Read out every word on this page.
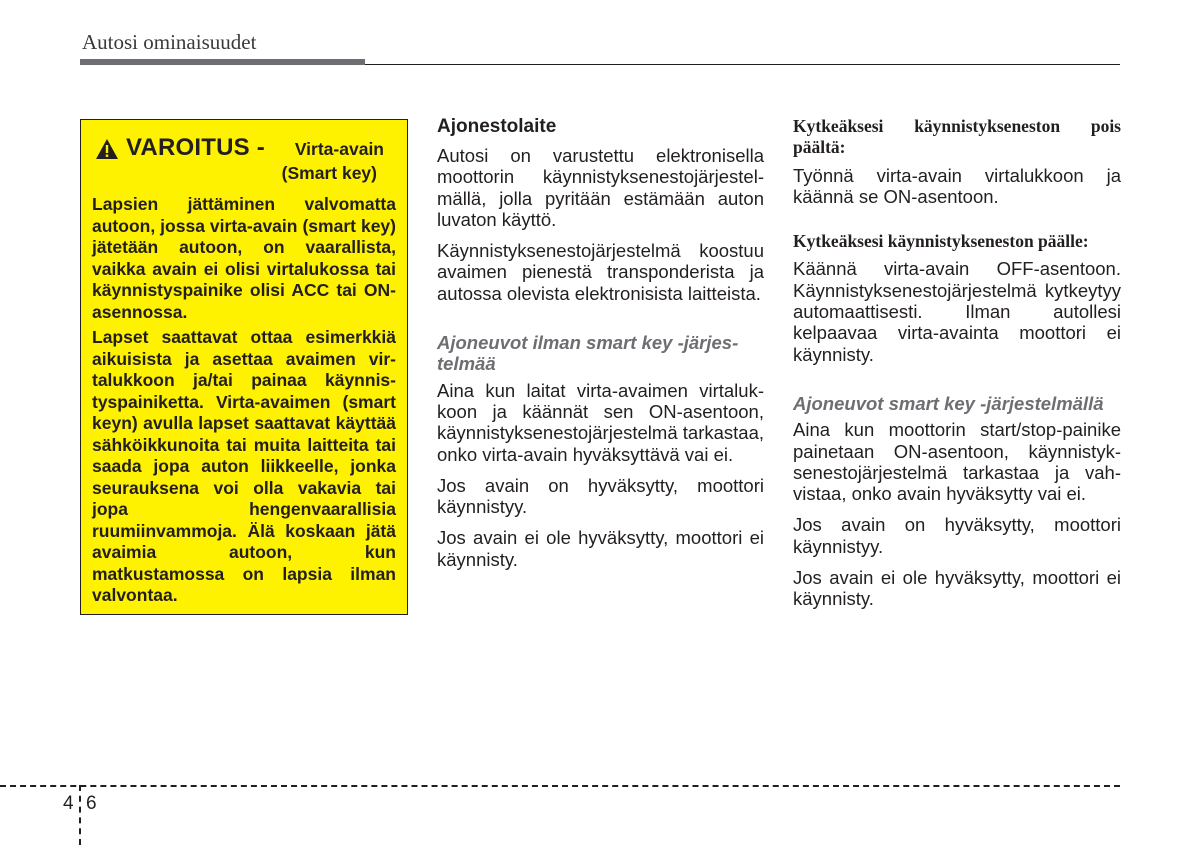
Autosi ominaisuudet
VAROITUS - Virta-avain
(Smart key)

Lapsien jättäminen valvomatta autoon, jossa virta-avain (smart key) jätetään autoon, on vaarallista, vaikka avain ei olisi virtalukossa tai käynnistyspainike olisi ACC tai ON-asennossa.

Lapset saattavat ottaa esimerkkiä aikuisista ja asettaa avaimen virtalukkoon ja/tai painaa käynnistyspainiketta. Virta-avaimen (smart keyn) avulla lapset saattavat käyttää sähköikkunoita tai muita laitteita tai saada jopa auton liikkeelle, jonka seurauksena voi olla vakavia tai jopa hengenvaarallisia ruumiinvammoja. Älä koskaan jätä avaimia autoon, kun matkustamossa on lapsia ilman valvontaa.

Ajonestolaite

Autosi on varustettu elektronisella moottorin käynnistyksenestojärjestelmällä, jolla pyritään estämään auton luvaton käyttö.

Käynnistyksenestojärjestelmä koostuu avaimen pienestä transponderista ja autossa olevista elektronisista laitteista.

Ajoneuvot ilman smart key -järjestelmää

Aina kun laitat virta-avaimen virtalukkoon ja käännät sen ON-asentoon, käynnistyksenestojärjestelmä tarkastaa, onko virta-avain hyväksyttävä vai ei.

Jos avain on hyväksytty, moottori käynnistyy.

Jos avain ei ole hyväksytty, moottori ei käynnisty.

Kytkeäksesi käynnistykseneston pois päältä:

Työnnä virta-avain virtalukkoon ja käännä se ON-asentoon.

Kytkeäksesi käynnistykseneston päälle:

Käännä virta-avain OFF-asentoon. Käynnistyksenestojärjestelmä kytkeytyy automaattisesti. Ilman autollesi kelpaavaa virta-avainta moottori ei käynnisty.

Ajoneuvot smart key -järjestelmällä

Aina kun moottorin start/stop-painike painetaan ON-asentoon, käynnistyksenestojärjestelmä tarkastaa ja vahvistaa, onko avain hyväksytty vai ei.

Jos avain on hyväksytty, moottori käynnistyy.

Jos avain ei ole hyväksytty, moottori ei käynnisty.

4 6
